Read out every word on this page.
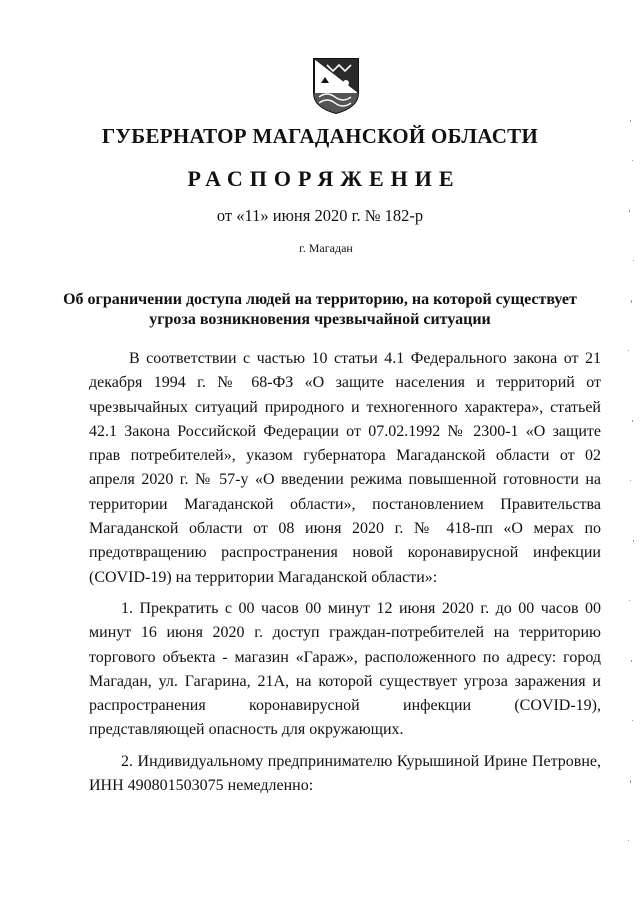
ГУБЕРНАТОР МАГАДАНСКОЙ ОБЛАСТИ
РАСПОРЯЖЕНИЕ
от «11» июня 2020 г. № 182-р
г. Магадан
Об ограничении доступа людей на территорию, на которой существует угроза возникновения чрезвычайной ситуации

В соответствии с частью 10 статьи 4.1 Федерального закона от 21 декабря 1994 г. № 68-ФЗ «О защите населения и территорий от чрезвычайных ситуаций природного и техногенного характера», статьей 42.1 Закона Российской Федерации от 07.02.1992 № 2300-1 «О защите прав потребителей», указом губернатора Магаданской области от 02 апреля 2020 г. № 57-у «О введении режима повышенной готовности на территории Магаданской области», постановлением Правительства Магаданской области от 08 июня 2020 г. № 418-пп «О мерах по предотвращению распространения новой коронавирусной инфекции (COVID-19) на территории Магаданской области»:

1. Прекратить с 00 часов 00 минут 12 июня 2020 г. до 00 часов 00 минут 16 июня 2020 г. доступ граждан-потребителей на территорию торгового объекта - магазин «Гараж», расположенного по адресу: город Магадан, ул. Гагарина, 21А, на которой существует угроза заражения и распространения коронавирусной инфекции (COVID-19), представляющей опасность для окружающих.

2. Индивидуальному предпринимателю Курышиной Ирине Петровне, ИНН 490801503075 немедленно:
